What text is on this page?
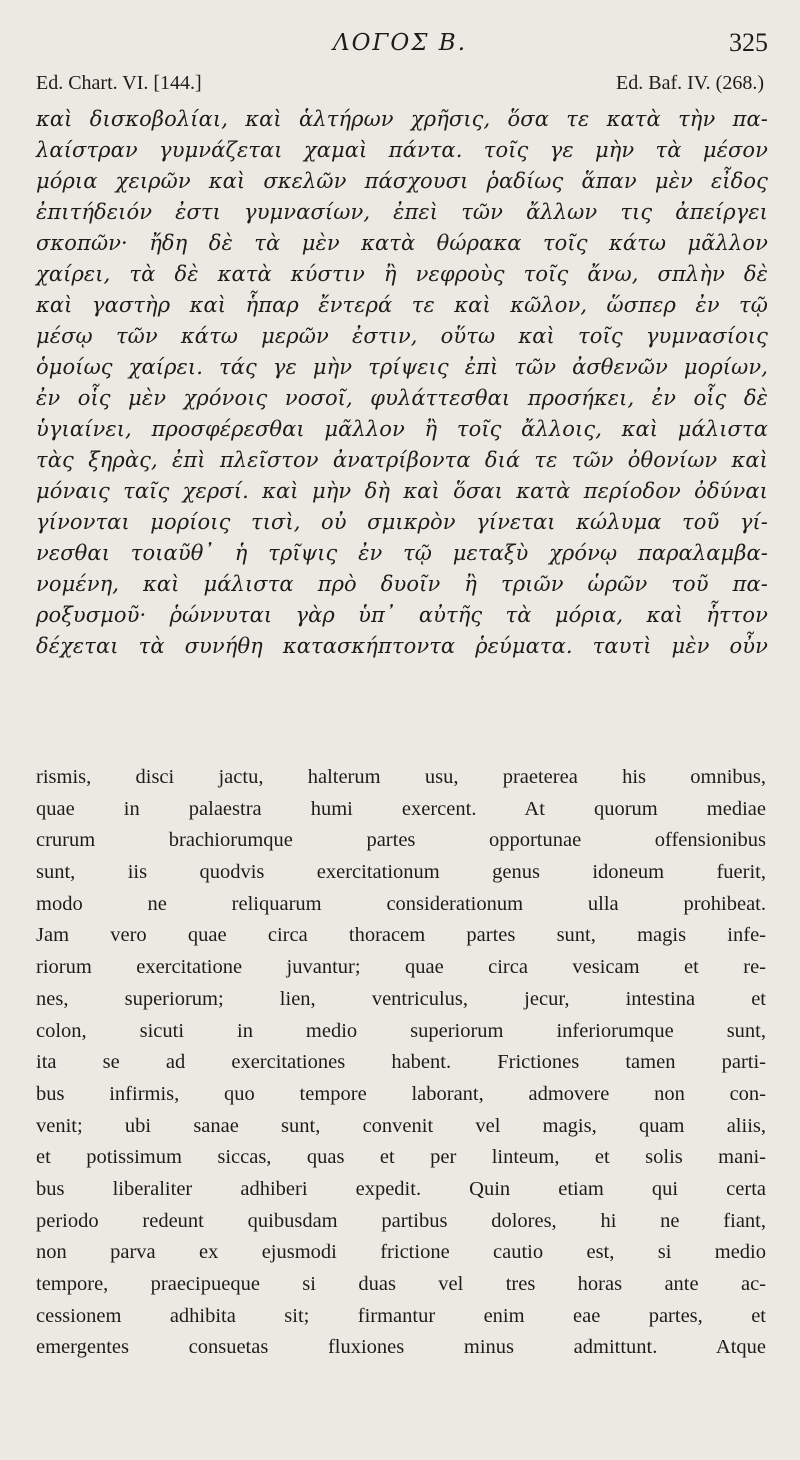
ΛΟΓΟΣ Β.	325
Ed. Chart. VI. [144.]	Ed. Baf. IV. (268.)
καὶ δισκοβολίαι, καὶ ἁλτήρων χρῆσις, ὅσα τε κατὰ τὴν πα-
λαίστραν γυμνάζεται χαμαὶ πάντα. τοῖς γε μὴν τὰ μέσον
μόρια χειρῶν καὶ σκελῶν πάσχουσι ῥαδίως ἅπαν μὲν εἶδος
ἐπιτήδειόν ἐστι γυμνασίων, ἐπεὶ τῶν ἄλλων τις ἀπείργει
σκοπῶν· ἤδη δὲ τὰ μὲν κατὰ θώρακα τοῖς κάτω μᾶλλον
χαίρει, τὰ δὲ κατὰ κύστιν ἢ νεφροὺς τοῖς ἄνω, σπλὴν δὲ
καὶ γαστὴρ καὶ ἧπαρ ἔντερά τε καὶ κῶλον, ὥσπερ ἐν τῷ
μέσῳ τῶν κάτω μερῶν ἐστιν, οὕτω καὶ τοῖς γυμνασίοις
ὁμοίως χαίρει. τάς γε μὴν τρίψεις ἐπὶ τῶν ἀσθενῶν μορίων,
ἐν οἷς μὲν χρόνοις νοσοῖ, φυλάττεσθαι προσήκει, ἐν οἷς δὲ
ὑγιαίνει, προσφέρεσθαι μᾶλλον ἢ τοῖς ἄλλοις, καὶ μάλιστα
τὰς ξηρὰς, ἐπὶ πλεῖστον ἀνατρίβοντα διά τε τῶν ὀθονίων καὶ
μόναις ταῖς χερσί. καὶ μὴν δὴ καὶ ὅσαι κατὰ περίοδον ὀδύναι
γίνονται μορίοις τισὶ, οὐ σμικρὸν γίνεται κώλυμα τοῦ γί-
νεσθαι τοιαῦθ᾽ ἡ τρῖψις ἐν τῷ μεταξὺ χρόνῳ παραλαμβα-
νομένη, καὶ μάλιστα πρὸ δυοῖν ἢ τριῶν ὡρῶν τοῦ πα-
ροξυσμοῦ· ῥώννυται γὰρ ὑπ᾽ αὐτῆς τὰ μόρια, καὶ ἧττον
δέχεται τὰ συνήθη κατασκήπτοντα ῥεύματα. ταυτὶ μὲν οὖν
rismis, disci jactu, halterum usu, praeterea his omnibus,
quae in palaestra humi exercent. At quorum mediae
crurum brachiorumque partes opportunae offensionibus
sunt, iis quodvis exercitationum genus idoneum fuerit,
modo ne reliquarum considerationum ulla prohibeat.
Jam vero quae circa thoracem partes sunt, magis infe-
riorum exercitatione juvantur; quae circa vesicam et re-
nes, superiorum; lien, ventriculus, jecur, intestina et
colon, sicuti in medio superiorum inferiorumque sunt,
ita se ad exercitationes habent. Frictiones tamen parti-
bus infirmis, quo tempore laborant, admovere non con-
venit; ubi sanae sunt, convenit vel magis, quam aliis,
et potissimum siccas, quas et per linteum, et solis mani-
bus liberaliter adhiberi expedit. Quin etiam qui certa
periodo redeunt quibusdam partibus dolores, hi ne fiant,
non parva ex ejusmodi frictione cautio est, si medio
tempore, praecipueque si duas vel tres horas ante ac-
cessionem adhibita sit; firmantur enim eae partes, et
emergentes consuetas fluxiones minus admittunt. Atque
